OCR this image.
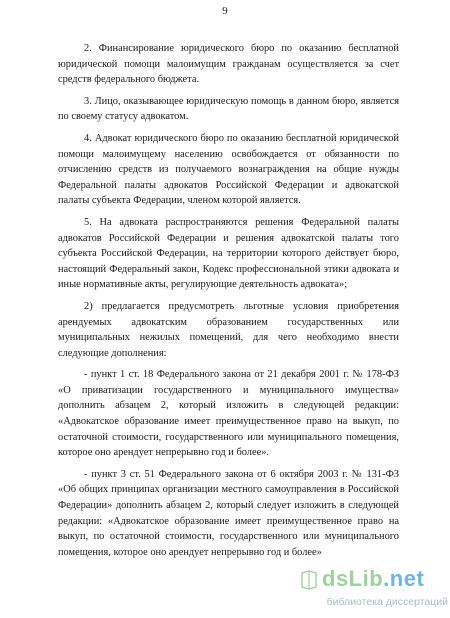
9

2. Финансирование юридического бюро по оказанию бесплатной юридической помощи малоимущим гражданам осуществляется за счет средств федерального бюджета.

3. Лицо, оказывающее юридическую помощь в данном бюро, является по своему статусу адвокатом.

4. Адвокат юридического бюро по оказанию бесплатной юридической помощи малоимущему населению освобождается от обязанности по отчислению средств из получаемого вознаграждения на общие нужды Федеральной палаты адвокатов Российской Федерации и адвокатской палаты субъекта Федерации, членом которой является.

5. На адвоката распространяются решения Федеральной палаты адвокатов Российской Федерации и решения адвокатской палаты того субъекта Российской Федерации, на территории которого действует бюро, настоящий Федеральный закон, Кодекс профессиональной этики адвоката и иные нормативные акты, регулирующие деятельность адвоката»;

2) предлагается предусмотреть льготные условия приобретения арендуемых адвокатским образованием государственных или муниципальных нежилых помещений, для чего необходимо внести следующие дополнения:

- пункт 1 ст. 18 Федерального закона от 21 декабря 2001 г. № 178-ФЗ «О приватизации государственного и муниципального имущества» дополнить абзацем 2, который изложить в следующей редакции: «Адвокатское образование имеет преимущественное право на выкуп, по остаточной стоимости, государственного или муниципального помещения, которое оно арендует непрерывно год и более».

- пункт 3 ст. 51 Федерального закона от 6 октября 2003 г. № 131-ФЗ «Об общих принципах организации местного самоуправления в Российской Федерации» дополнить абзацем 2, который следует изложить в следующей редакции: «Адвокатское образование имеет преимущественное право на выкуп, по остаточной стоимости, государственного или муниципального помещения, которое оно арендует непрерывно год и более»

dsLib.net
библиотека диссертаций
